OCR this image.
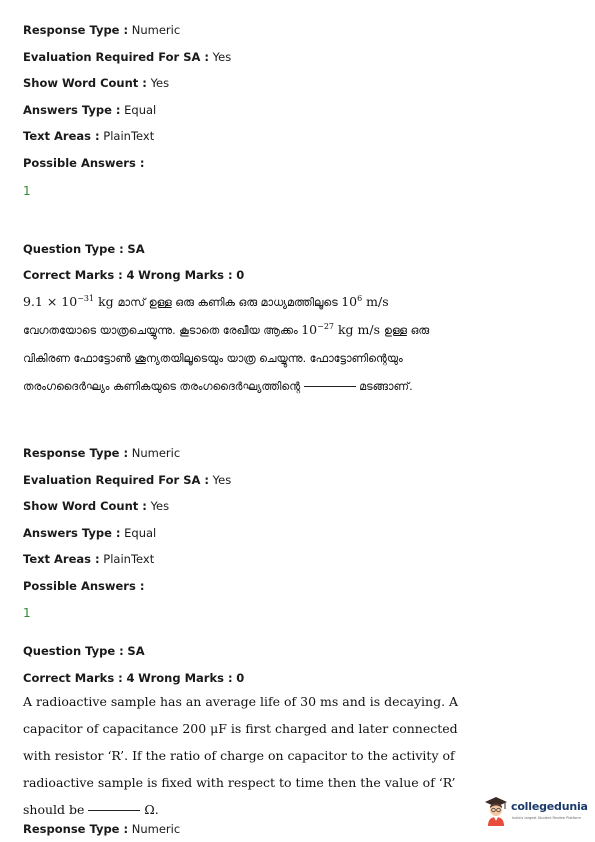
Response Type : Numeric
Evaluation Required For SA : Yes
Show Word Count : Yes
Answers Type : Equal
Text Areas : PlainText
Possible Answers :
1
Question Type : SA
Correct Marks : 4 Wrong Marks : 0

$9.1 \times 10^{-31}$ kg മാസ് ഉള്ള ഒരു കണിക ഒരു മാധ്യമത്തിലൂടെ $10^6$ m/s വേഗതയോടെ യാത്രചെയ്യുന്നു. കൂടാതെ രേഖീയ ആക്കം $10^{-27}$ kg m/s ഉള്ള ഒരു വികിരണ ഫോട്ടോൺ ശൂന്യതയിലൂടെയും യാത്ര ചെയ്യുന്നു. ഫോട്ടോണിന്റെയും തരംഗദൈർഘ്യം കണികയുടെ തരംഗദൈർഘ്യത്തിന്റെ	മടങ്ങാണ്.

Response Type : Numeric
Evaluation Required For SA : Yes
Show Word Count : Yes
Answers Type : Equal
Text Areas : PlainText
Possible Answers :
1
Question Type : SA
Correct Marks : 4 Wrong Marks : 0

A radioactive sample has an average life of 30 ms and is decaying. A capacitor of capacitance 200 μF is first charged and later connected with resistor ‘R’. If the ratio of charge on capacitor to the activity of radioactive sample is fixed with respect to time then the value of ‘R’ should be	Ω.

Response Type : Numeric
collegedunia
India's largest Student Review Platform
